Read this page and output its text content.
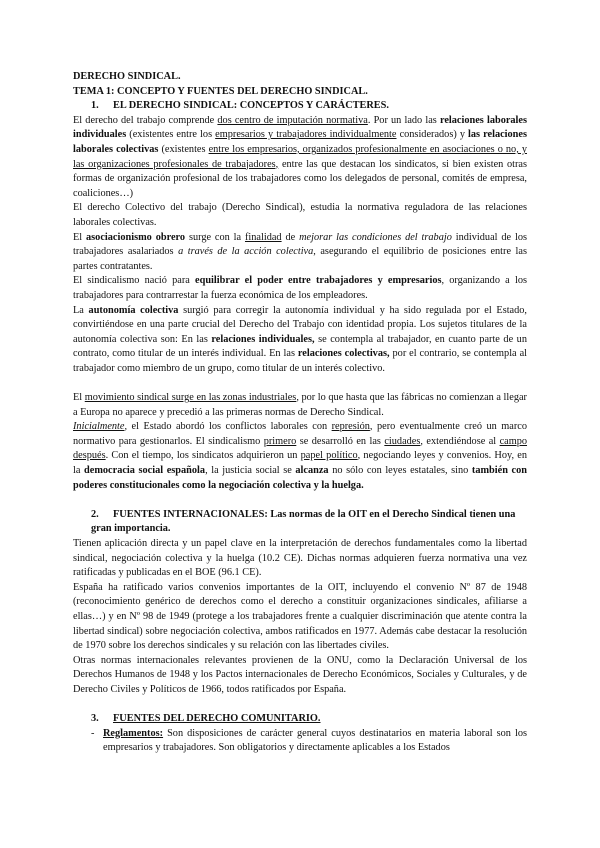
DERECHO SINDICAL.

TEMA 1: CONCEPTO Y FUENTES DEL DERECHO SINDICAL.

1. EL DERECHO SINDICAL: CONCEPTOS Y CARÁCTERES.

El derecho del trabajo comprende dos centro de imputación normativa. Por un lado las relaciones laborales individuales (existentes entre los empresarios y trabajadores individualmente considerados) y las relaciones laborales colectivas (existentes entre los empresarios, organizados profesionalmente en asociaciones o no, y las organizaciones profesionales de trabajadores, entre las que destacan los sindicatos, si bien existen otras formas de organización profesional de los trabajadores como los delegados de personal, comités de empresa, coaliciones…)

El derecho Colectivo del trabajo (Derecho Sindical), estudia la normativa reguladora de las relaciones laborales colectivas.

El asociacionismo obrero surge con la finalidad de mejorar las condiciones del trabajo individual de los trabajadores asalariados a través de la acción colectiva, asegurando el equilibrio de posiciones entre las partes contratantes.

El sindicalismo nació para equilibrar el poder entre trabajadores y empresarios, organizando a los trabajadores para contrarrestar la fuerza económica de los empleadores.

La autonomía colectiva surgió para corregir la autonomía individual y ha sido regulada por el Estado, convirtiéndose en una parte crucial del Derecho del Trabajo con identidad propia. Los sujetos titulares de la autonomía colectiva son: En las relaciones individuales, se contempla al trabajador, en cuanto parte de un contrato, como titular de un interés individual. En las relaciones colectivas, por el contrario, se contempla al trabajador como miembro de un grupo, como titular de un interés colectivo.

El movimiento sindical surge en las zonas industriales, por lo que hasta que las fábricas no comienzan a llegar a Europa no aparece y precedió a las primeras normas de Derecho Sindical.

Inicialmente, el Estado abordó los conflictos laborales con represión, pero eventualmente creó un marco normativo para gestionarlos. El sindicalismo primero se desarrolló en las ciudades, extendiéndose al campo después. Con el tiempo, los sindicatos adquirieron un papel político, negociando leyes y convenios. Hoy, en la democracia social española, la justicia social se alcanza no sólo con leyes estatales, sino también con poderes constitucionales como la negociación colectiva y la huelga.

2. FUENTES INTERNACIONALES: Las normas de la OIT en el Derecho Sindical tienen una gran importancia.

Tienen aplicación directa y un papel clave en la interpretación de derechos fundamentales como la libertad sindical, negociación colectiva y la huelga (10.2 CE). Dichas normas adquieren fuerza normativa una vez ratificadas y publicadas en el BOE (96.1 CE).

España ha ratificado varios convenios importantes de la OIT, incluyendo el convenio Nº 87 de 1948 (reconocimiento genérico de derechos como el derecho a constituir organizaciones sindicales, afiliarse a ellas…) y en Nº 98 de 1949 (protege a los trabajadores frente a cualquier discriminación que atente contra la libertad sindical) sobre negociación colectiva, ambos ratificados en 1977. Además cabe destacar la resolución de 1970 sobre los derechos sindicales y su relación con las libertades civiles.

Otras normas internacionales relevantes provienen de la ONU, como la Declaración Universal de los Derechos Humanos de 1948 y los Pactos internacionales de Derecho Económicos, Sociales y Culturales, y de Derecho Civiles y Políticos de 1966, todos ratificados por España.

3. FUENTES DEL DERECHO COMUNITARIO.

- Reglamentos: Son disposiciones de carácter general cuyos destinatarios en materia laboral son los empresarios y trabajadores. Son obligatorios y directamente aplicables a los Estados
